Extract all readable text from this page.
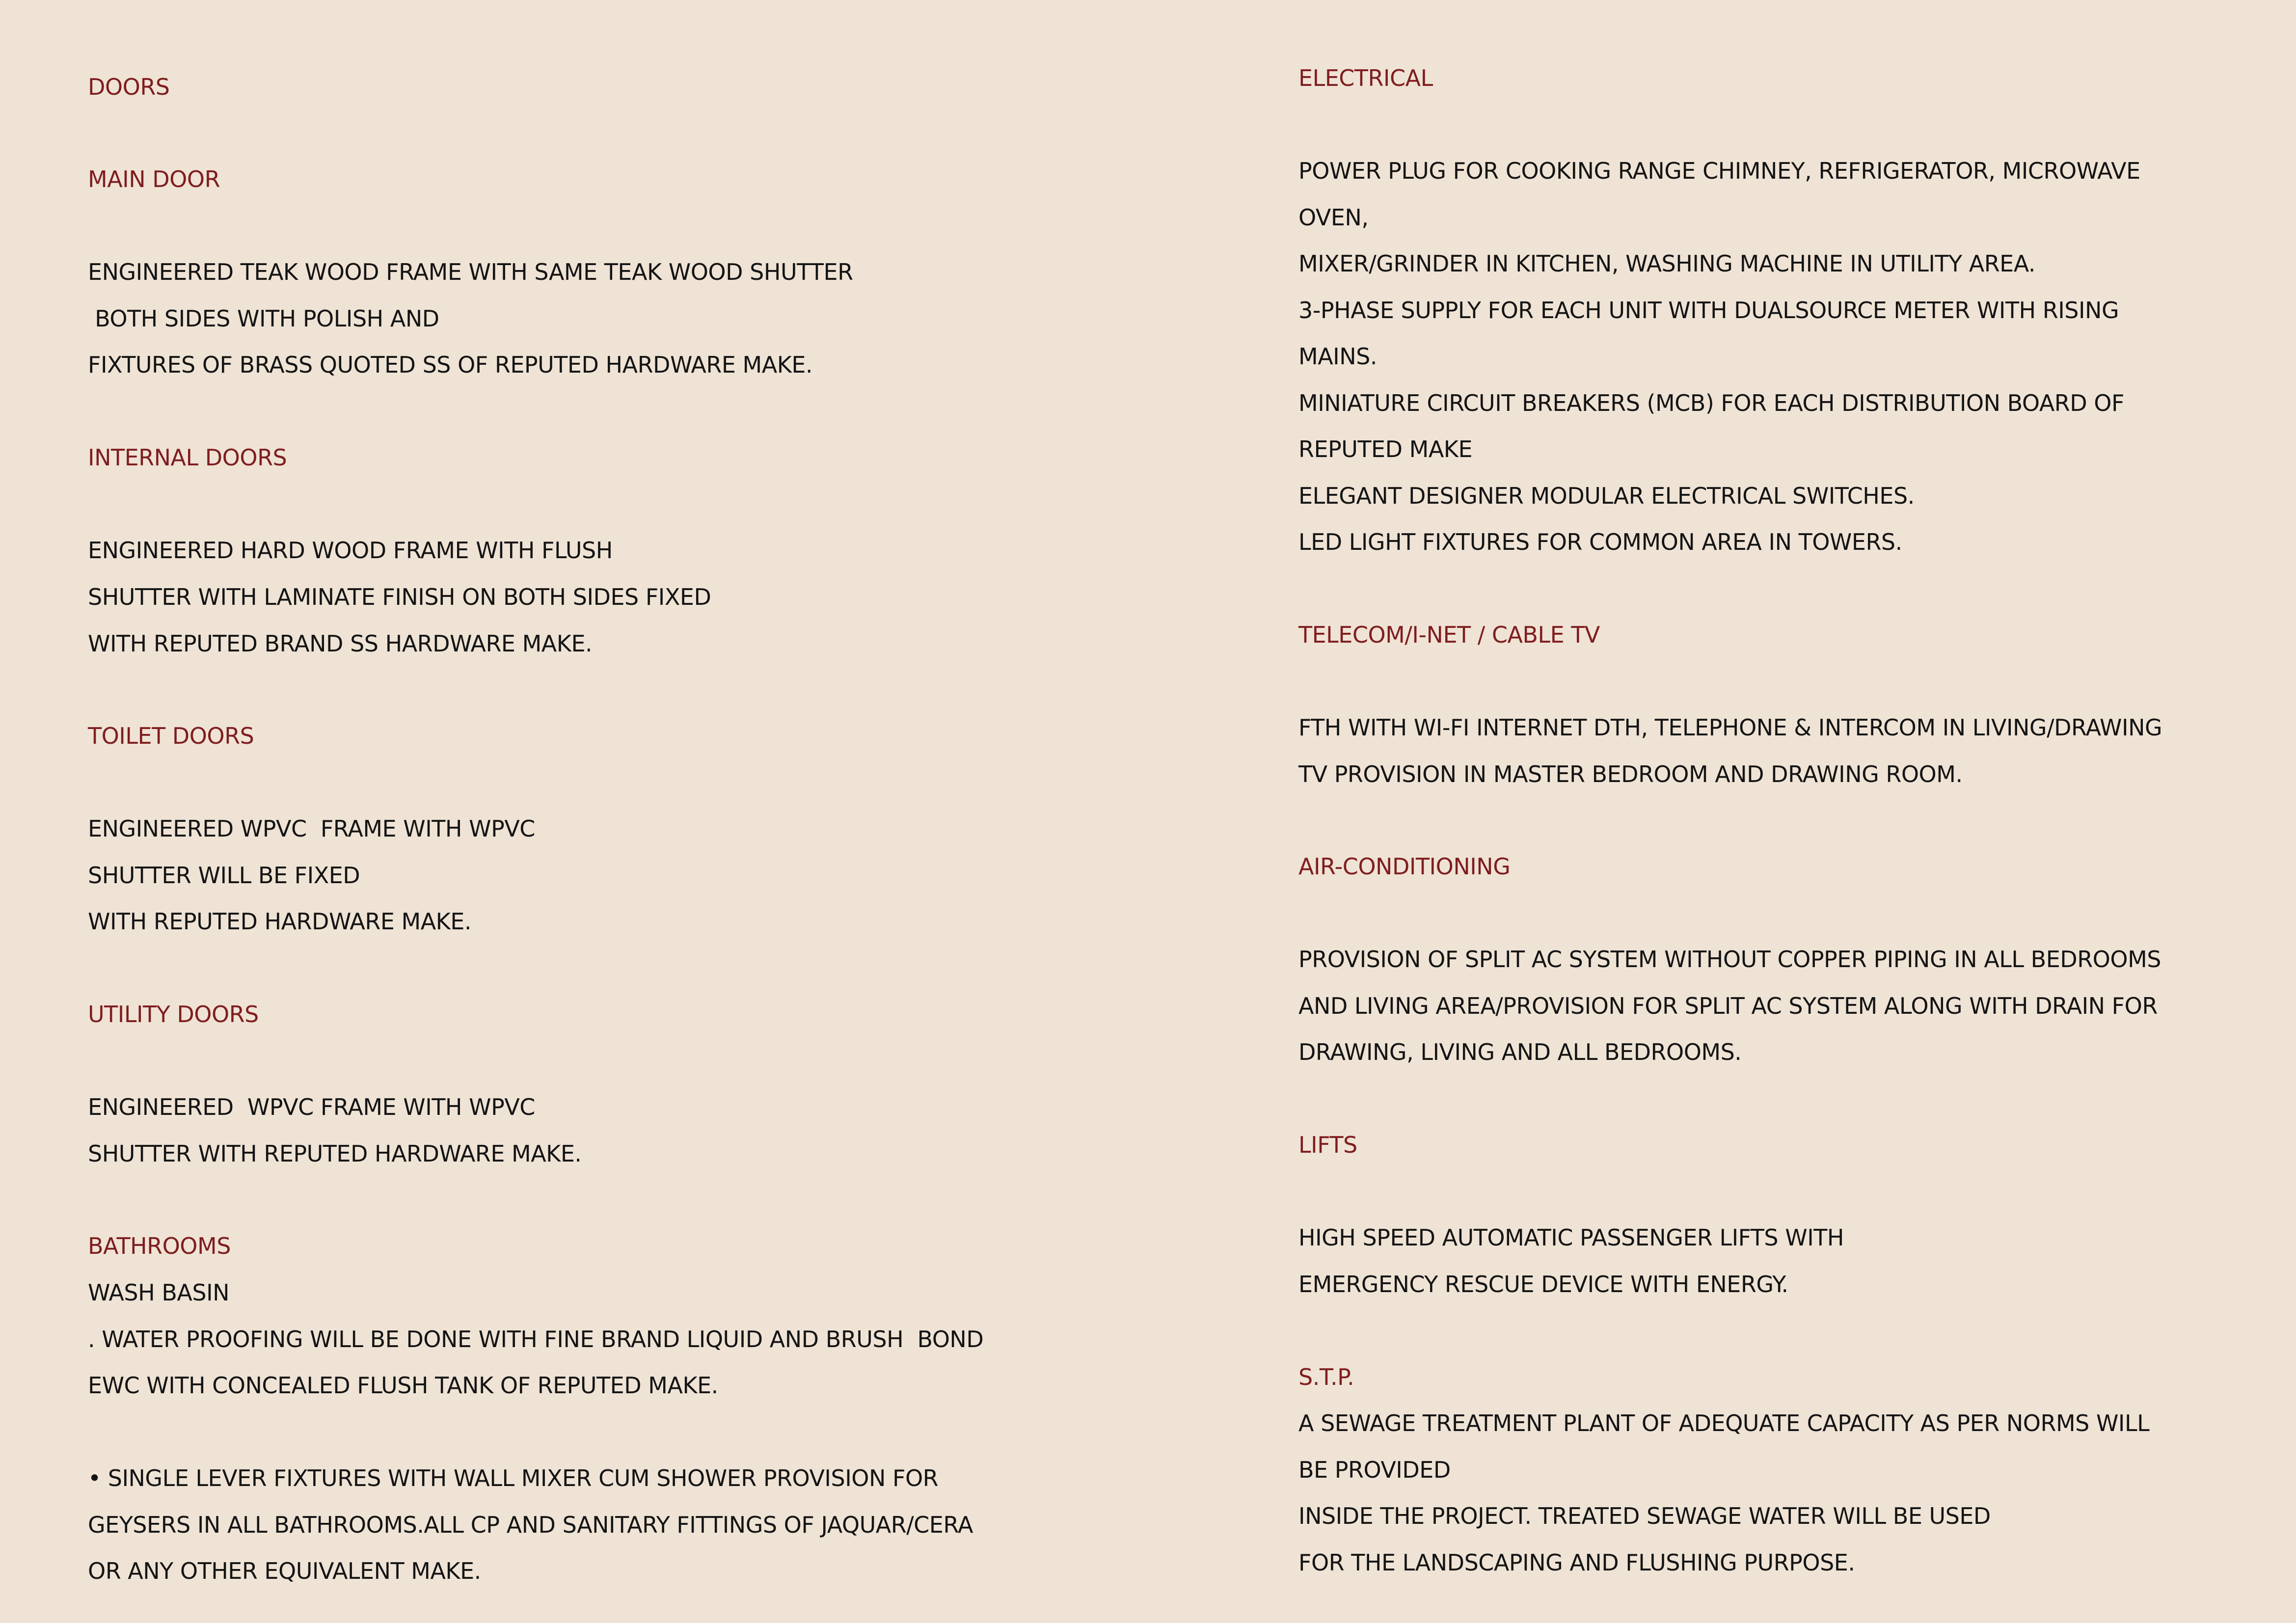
DOORS
MAIN DOOR
ENGINEERED TEAK WOOD FRAME WITH SAME TEAK WOOD SHUTTER
BOTH SIDES WITH POLISH AND
FIXTURES OF BRASS QUOTED SS OF REPUTED HARDWARE MAKE.
INTERNAL DOORS
ENGINEERED HARD WOOD FRAME WITH FLUSH
SHUTTER WITH LAMINATE FINISH ON BOTH SIDES FIXED
WITH REPUTED BRAND SS HARDWARE MAKE.
TOILET DOORS
ENGINEERED WPVC  FRAME WITH WPVC
SHUTTER WILL BE FIXED
WITH REPUTED HARDWARE MAKE.
UTILITY DOORS
ENGINEERED  WPVC FRAME WITH WPVC
SHUTTER WITH REPUTED HARDWARE MAKE.
BATHROOMS
WASH BASIN
. WATER PROOFING WILL BE DONE WITH FINE BRAND LIQUID AND BRUSH  BOND
EWC WITH CONCEALED FLUSH TANK OF REPUTED MAKE.
• SINGLE LEVER FIXTURES WITH WALL MIXER CUM SHOWER PROVISION FOR
GEYSERS IN ALL BATHROOMS.ALL CP AND SANITARY FITTINGS OF JAQUAR/CERA
OR ANY OTHER EQUIVALENT MAKE.
ELECTRICAL
POWER PLUG FOR COOKING RANGE CHIMNEY, REFRIGERATOR, MICROWAVE
OVEN,
MIXER/GRINDER IN KITCHEN, WASHING MACHINE IN UTILITY AREA.
3-PHASE SUPPLY FOR EACH UNIT WITH DUALSOURCE METER WITH RISING
MAINS.
MINIATURE CIRCUIT BREAKERS (MCB) FOR EACH DISTRIBUTION BOARD OF
REPUTED MAKE
ELEGANT DESIGNER MODULAR ELECTRICAL SWITCHES.
LED LIGHT FIXTURES FOR COMMON AREA IN TOWERS.
TELECOM/I-NET / CABLE TV
FTH WITH WI-FI INTERNET DTH, TELEPHONE & INTERCOM IN LIVING/DRAWING
TV PROVISION IN MASTER BEDROOM AND DRAWING ROOM.
AIR-CONDITIONING
PROVISION OF SPLIT AC SYSTEM WITHOUT COPPER PIPING IN ALL BEDROOMS
AND LIVING AREA/PROVISION FOR SPLIT AC SYSTEM ALONG WITH DRAIN FOR
DRAWING, LIVING AND ALL BEDROOMS.
LIFTS
HIGH SPEED AUTOMATIC PASSENGER LIFTS WITH
EMERGENCY RESCUE DEVICE WITH ENERGY.
S.T.P.
A SEWAGE TREATMENT PLANT OF ADEQUATE CAPACITY AS PER NORMS WILL
BE PROVIDED
INSIDE THE PROJECT. TREATED SEWAGE WATER WILL BE USED
FOR THE LANDSCAPING AND FLUSHING PURPOSE.
